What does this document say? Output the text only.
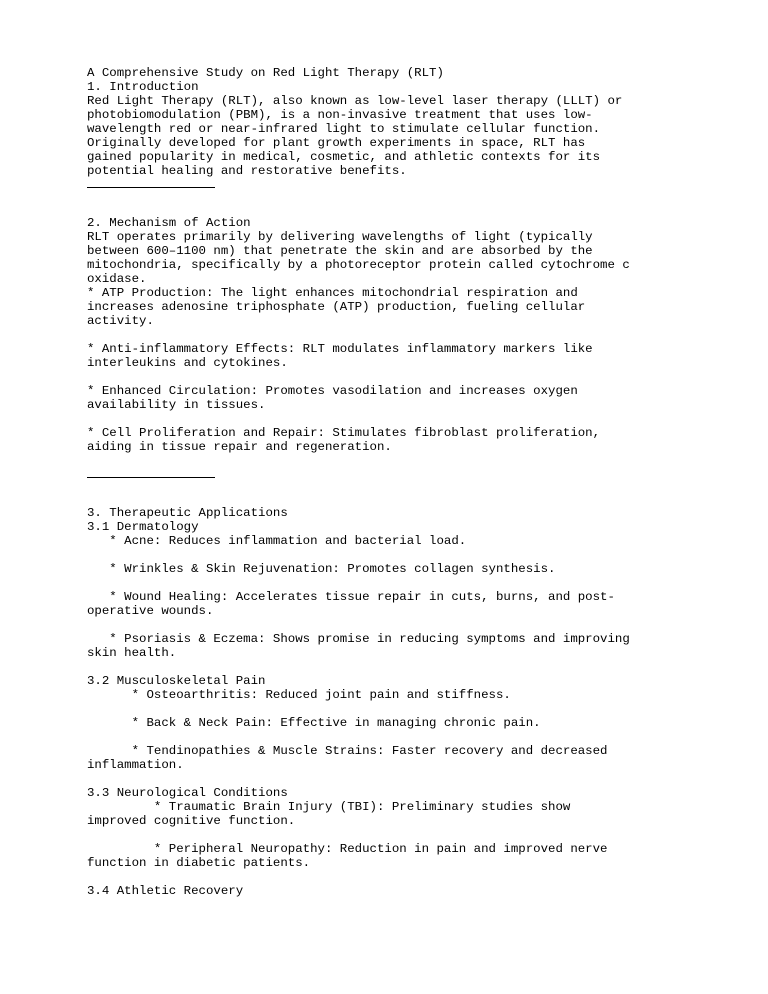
A Comprehensive Study on Red Light Therapy (RLT)

1. Introduction

Red Light Therapy (RLT), also known as low-level laser therapy (LLLT) or

photobiomodulation (PBM), is a non-invasive treatment that uses low-

wavelength red or near-infrared light to stimulate cellular function.

Originally developed for plant growth experiments in space, RLT has

gained popularity in medical, cosmetic, and athletic contexts for its

potential healing and restorative benefits.

2. Mechanism of Action

RLT operates primarily by delivering wavelengths of light (typically

between 600–1100 nm) that penetrate the skin and are absorbed by the

mitochondria, specifically by a photoreceptor protein called cytochrome c

oxidase.

* ATP Production: The light enhances mitochondrial respiration and

increases adenosine triphosphate (ATP) production, fueling cellular

activity.

* Anti-inflammatory Effects: RLT modulates inflammatory markers like

interleukins and cytokines.

* Enhanced Circulation: Promotes vasodilation and increases oxygen

availability in tissues.

* Cell Proliferation and Repair: Stimulates fibroblast proliferation,

aiding in tissue repair and regeneration.

3. Therapeutic Applications

3.1 Dermatology

* Acne: Reduces inflammation and bacterial load.

* Wrinkles & Skin Rejuvenation: Promotes collagen synthesis.

* Wound Healing: Accelerates tissue repair in cuts, burns, and post-

operative wounds.

* Psoriasis & Eczema: Shows promise in reducing symptoms and improving

skin health.

3.2 Musculoskeletal Pain

* Osteoarthritis: Reduced joint pain and stiffness.

* Back & Neck Pain: Effective in managing chronic pain.

* Tendinopathies & Muscle Strains: Faster recovery and decreased

inflammation.

3.3 Neurological Conditions

* Traumatic Brain Injury (TBI): Preliminary studies show

improved cognitive function.

* Peripheral Neuropathy: Reduction in pain and improved nerve

function in diabetic patients.

3.4 Athletic Recovery
